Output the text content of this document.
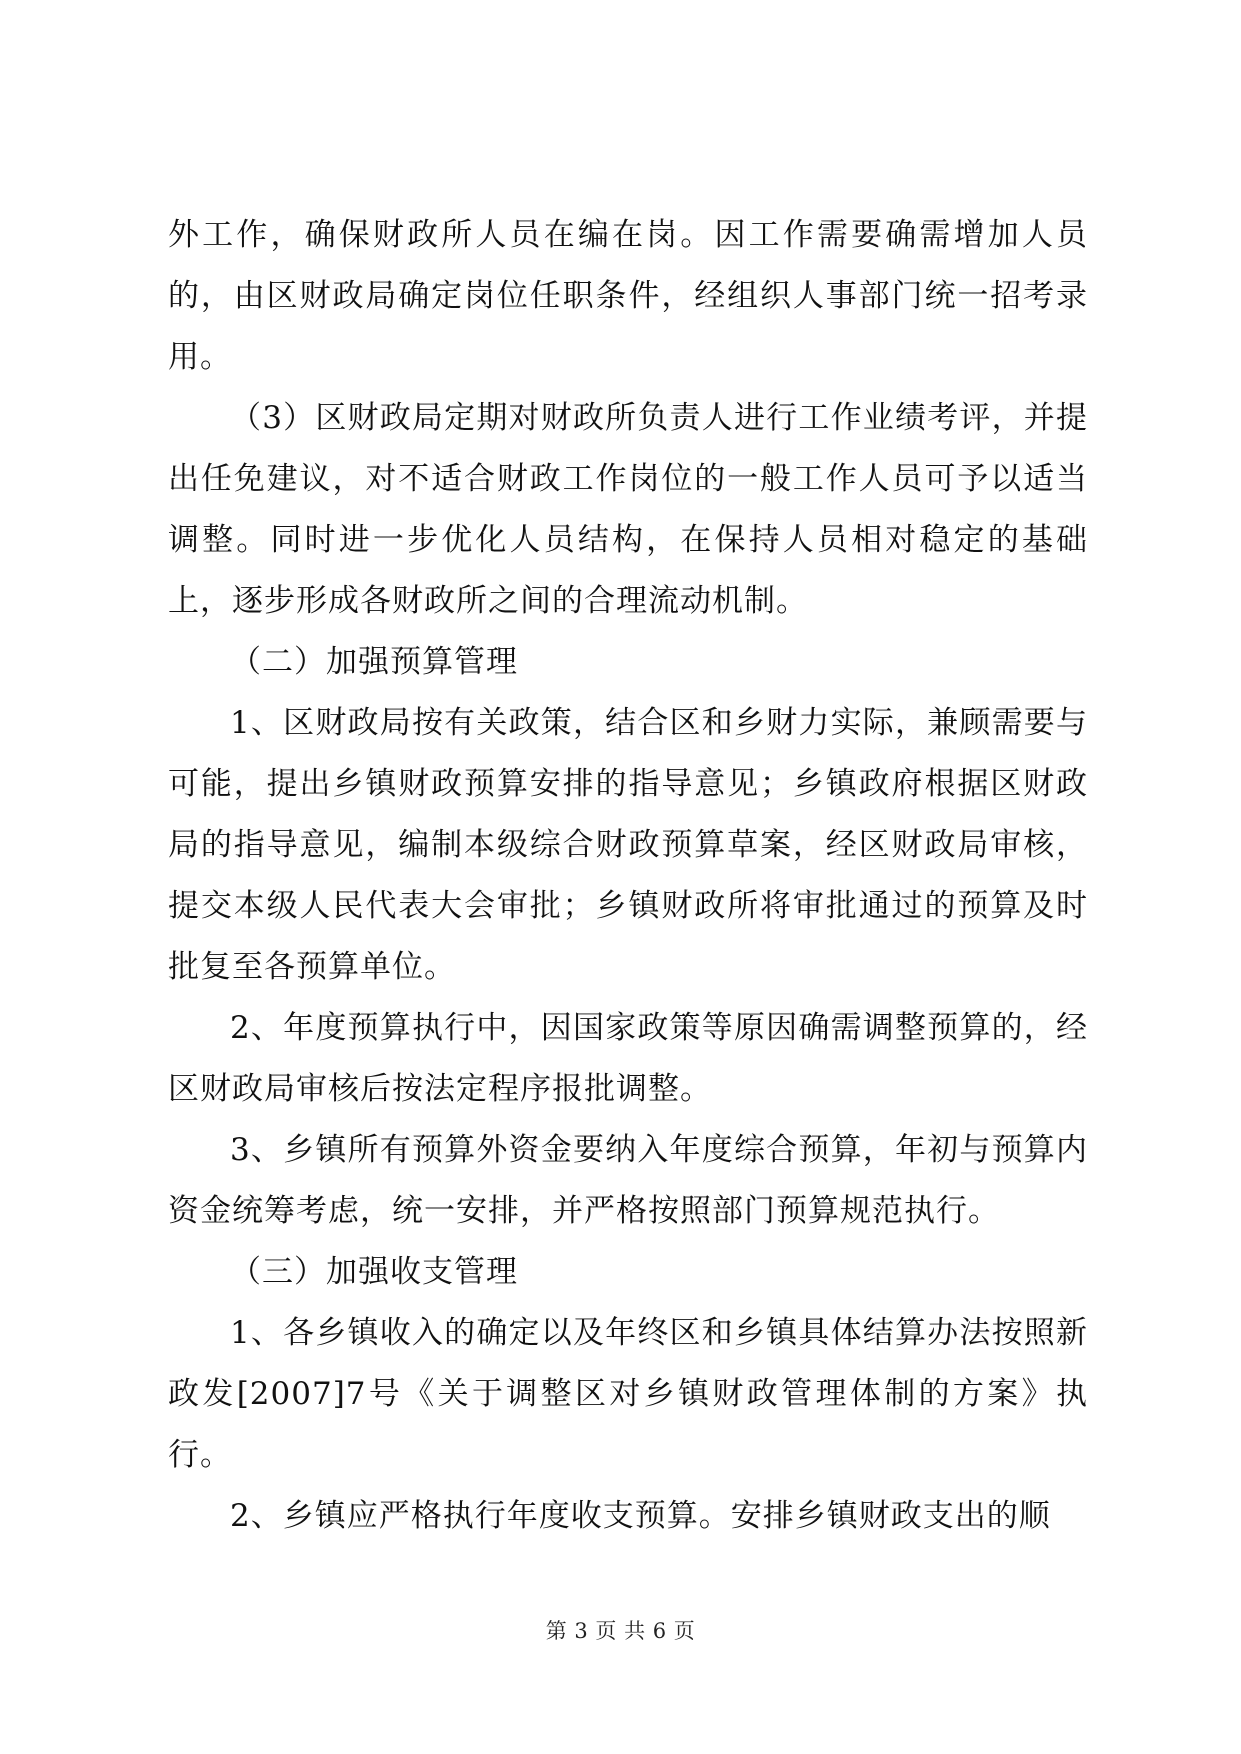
外工作，确保财政所人员在编在岗。因工作需要确需增加人员的，由区财政局确定岗位任职条件，经组织人事部门统一招考录用。

（3）区财政局定期对财政所负责人进行工作业绩考评，并提出任免建议，对不适合财政工作岗位的一般工作人员可予以适当调整。同时进一步优化人员结构，在保持人员相对稳定的基础上，逐步形成各财政所之间的合理流动机制。

（二）加强预算管理

1、区财政局按有关政策，结合区和乡财力实际，兼顾需要与可能，提出乡镇财政预算安排的指导意见；乡镇政府根据区财政局的指导意见，编制本级综合财政预算草案，经区财政局审核，提交本级人民代表大会审批；乡镇财政所将审批通过的预算及时批复至各预算单位。

2、年度预算执行中，因国家政策等原因确需调整预算的，经区财政局审核后按法定程序报批调整。

3、乡镇所有预算外资金要纳入年度综合预算，年初与预算内资金统筹考虑，统一安排，并严格按照部门预算规范执行。

（三）加强收支管理

1、各乡镇收入的确定以及年终区和乡镇具体结算办法按照新政发[2007]7号《关于调整区对乡镇财政管理体制的方案》执行。

2、乡镇应严格执行年度收支预算。安排乡镇财政支出的顺

第 3 页 共 6 页
